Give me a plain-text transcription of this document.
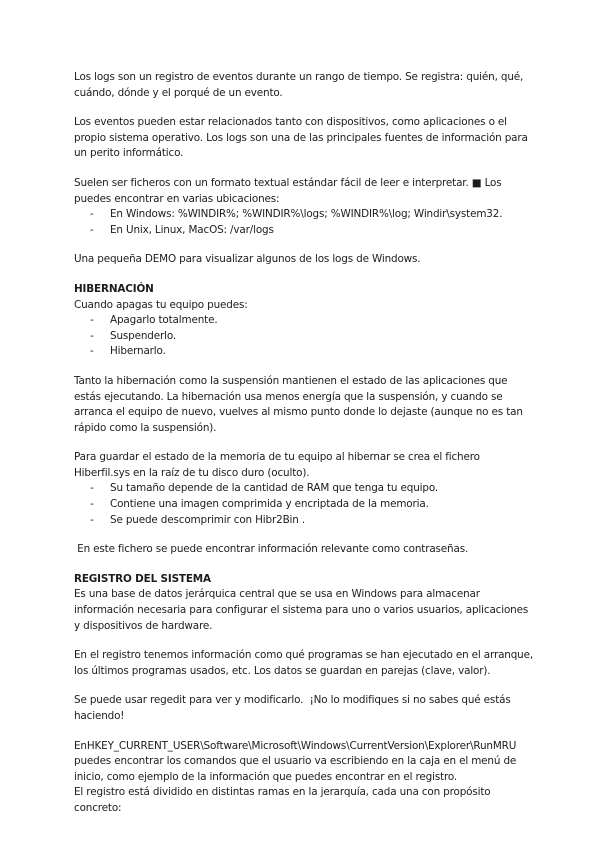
Los logs son un registro de eventos durante un rango de tiempo. Se registra: quién, qué, cuándo, dónde y el porqué de un evento.

Los eventos pueden estar relacionados tanto con dispositivos, como aplicaciones o el propio sistema operativo. Los logs son una de las principales fuentes de información para un perito informático.

Suelen ser ficheros con un formato textual estándar fácil de leer e interpretar. ■ Los puedes encontrar en varias ubicaciones:

- En Windows: %WINDIR%; %WINDIR%\logs; %WINDIR%\log; Windir\system32.
- En Unix, Linux, MacOS: /var/logs

Una pequeña DEMO para visualizar algunos de los logs de Windows.

HIBERNACIÓN

Cuando apagas tu equipo puedes:

- Apagarlo totalmente.
- Suspenderlo.
- Hibernarlo.

Tanto la hibernación como la suspensión mantienen el estado de las aplicaciones que estás ejecutando. La hibernación usa menos energía que la suspensión, y cuando se arranca el equipo de nuevo, vuelves al mismo punto donde lo dejaste (aunque no es tan rápido como la suspensión).

Para guardar el estado de la memoria de tu equipo al hibernar se crea el fichero Hiberfil.sys en la raíz de tu disco duro (oculto).

- Su tamaño depende de la cantidad de RAM que tenga tu equipo.
- Contiene una imagen comprimida y encriptada de la memoria.
- Se puede descomprimir con Hibr2Bin .

En este fichero se puede encontrar información relevante como contraseñas.

REGISTRO DEL SISTEMA

Es una base de datos jerárquica central que se usa en Windows para almacenar información necesaria para configurar el sistema para uno o varios usuarios, aplicaciones y dispositivos de hardware.

En el registro tenemos información como qué programas se han ejecutado en el arranque, los últimos programas usados, etc. Los datos se guardan en parejas (clave, valor).

Se puede usar regedit para ver y modificarlo.  ¡No lo modifiques si no sabes qué estás haciendo!

EnHKEY_CURRENT_USER\Software\Microsoft\Windows\CurrentVersion\Explorer\RunMRU puedes encontrar los comandos que el usuario va escribiendo en la caja en el menú de inicio, como ejemplo de la información que puedes encontrar en el registro.

El registro está dividido en distintas ramas en la jerarquía, cada una con propósito concreto:
